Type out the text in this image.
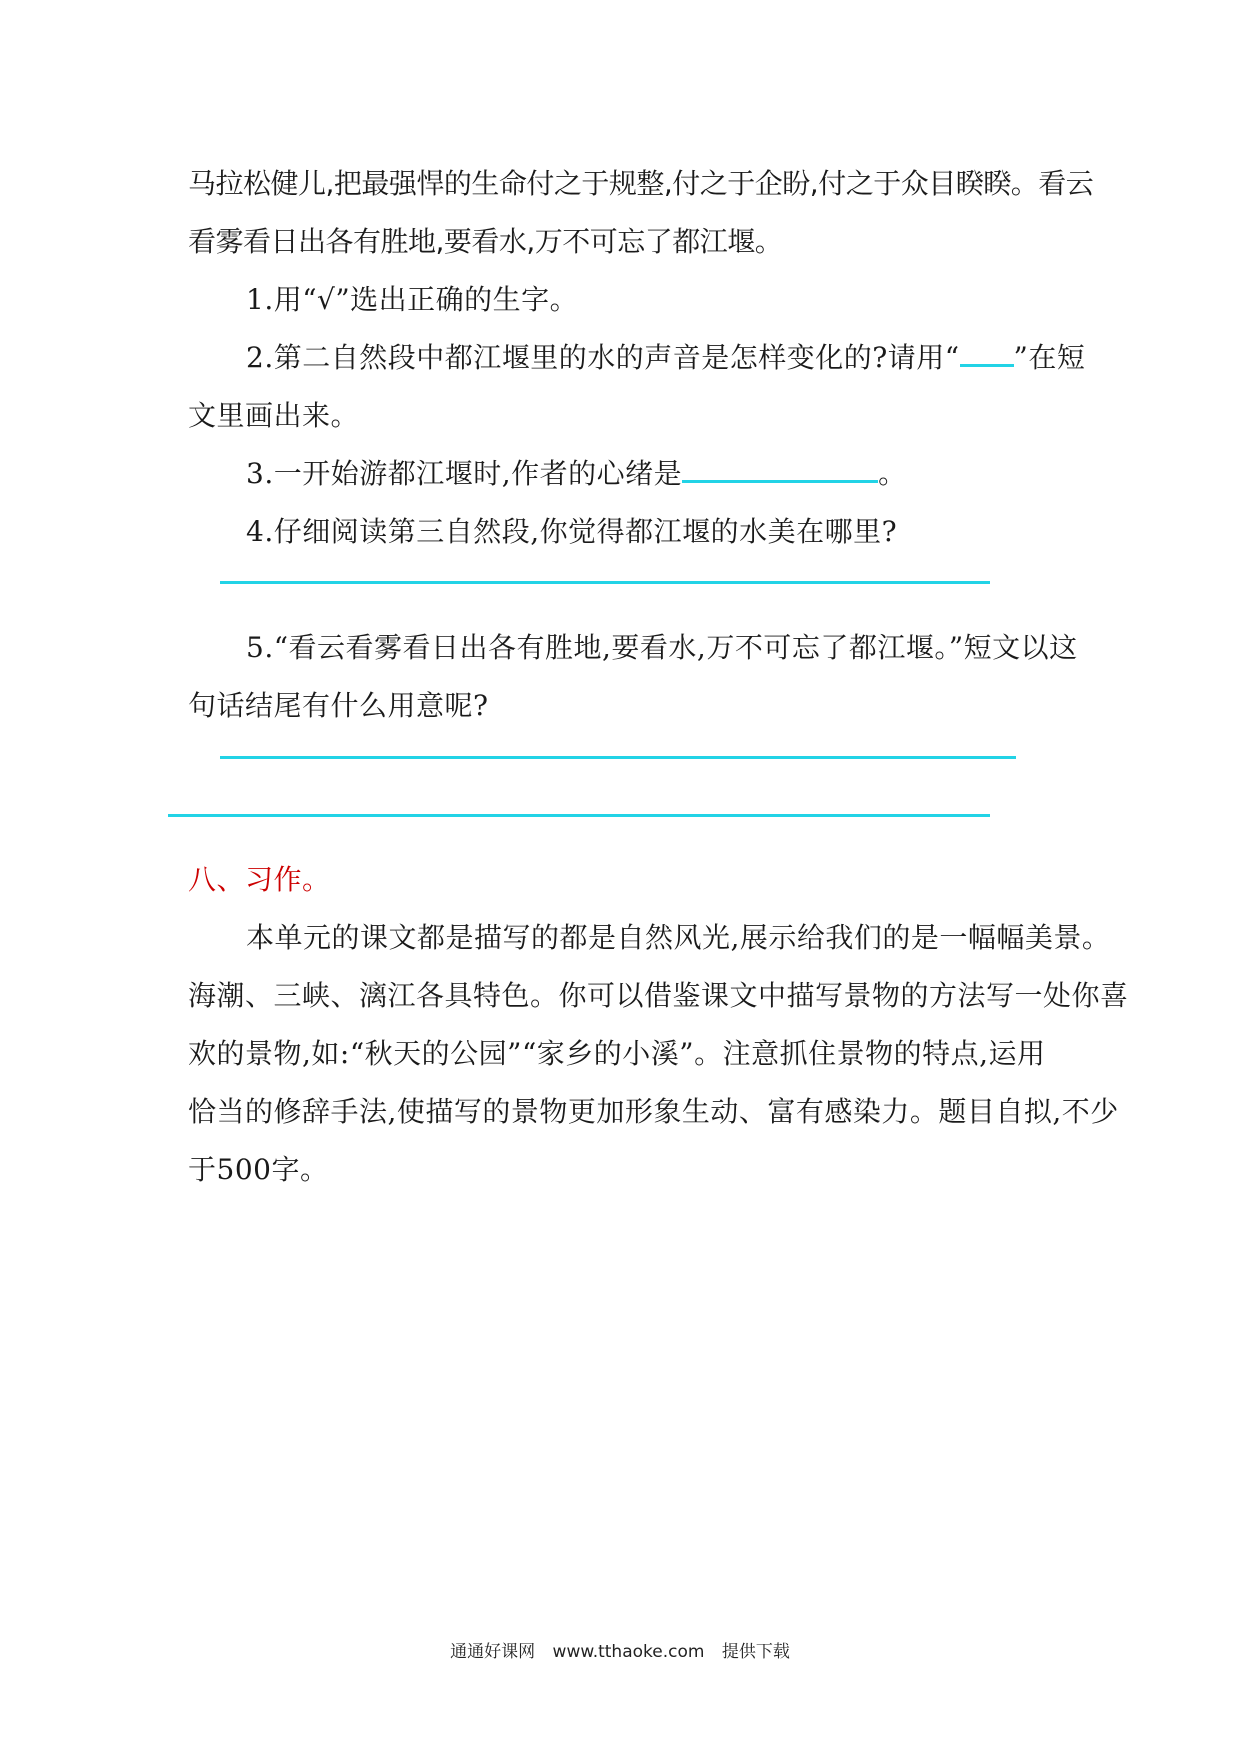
马拉松健儿,把最强悍的生命付之于规整,付之于企盼,付之于众目睽睽。看云
看雾看日出各有胜地,要看水,万不可忘了都江堰。
1.用“√”选出正确的生字。
2.第二自然段中都江堰里的水的声音是怎样变化的?请用“ ”在短
文里画出来。
3.一开始游都江堰时,作者的心绪是	。
4.仔细阅读第三自然段,你觉得都江堰的水美在哪里?
5.“看云看雾看日出各有胜地,要看水,万不可忘了都江堰。”短文以这
句话结尾有什么用意呢?
八、习作。
本单元的课文都是描写的都是自然风光,展示给我们的是一幅幅美景。
海潮、三峡、漓江各具特色。你可以借鉴课文中描写景物的方法写一处你喜
欢的景物,如:“秋天的公园”“家乡的小溪”。注意抓住景物的特点,运用
恰当的修辞手法,使描写的景物更加形象生动、富有感染力。题目自拟,不少
于500字。
通通好课网 www.tthaoke.com 提供下载
